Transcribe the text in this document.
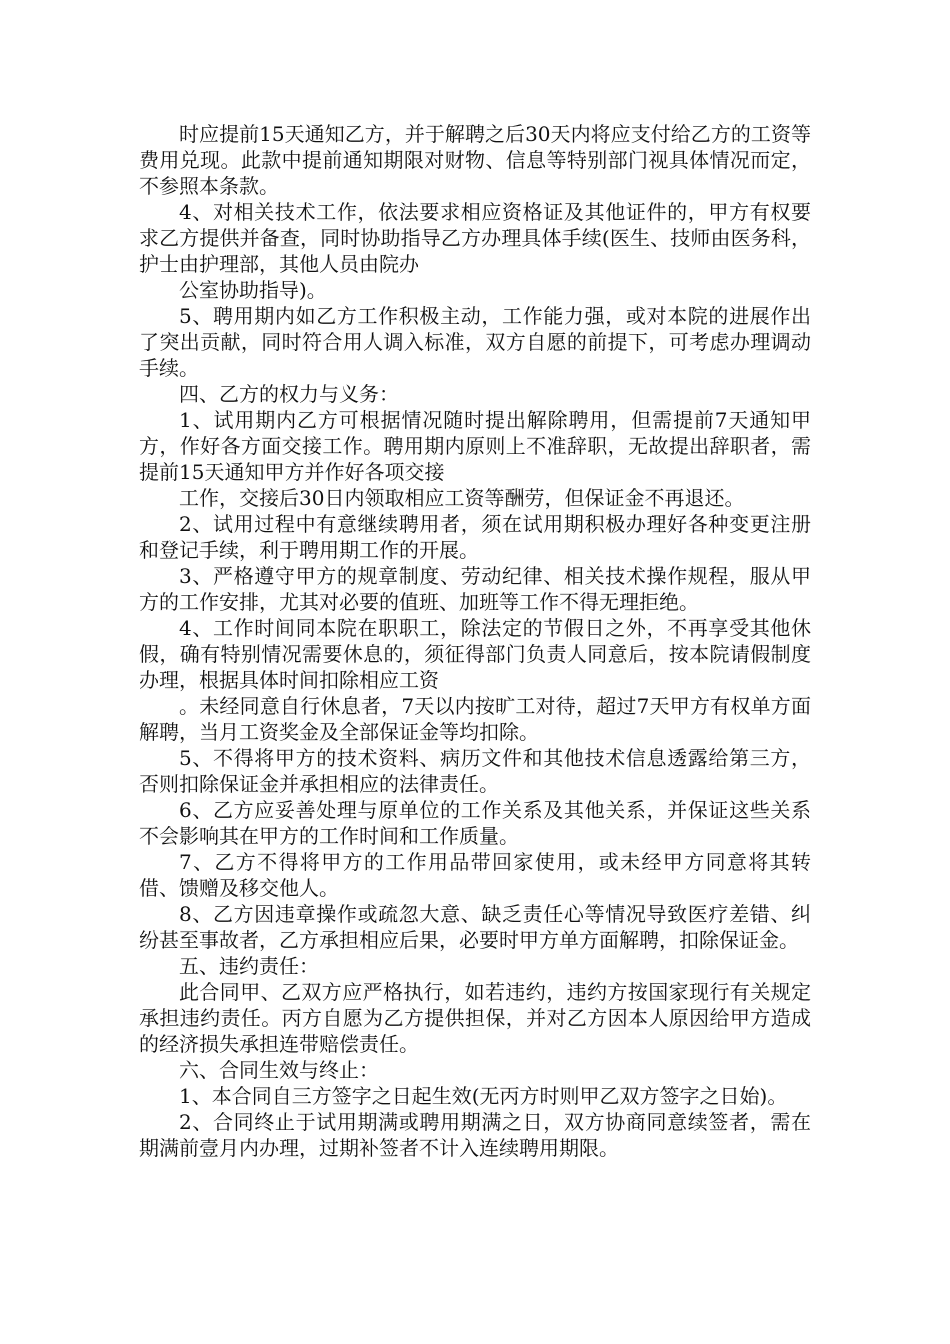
时应提前15天通知乙方，并于解聘之后30天内将应支付给乙方的工资等费用兑现。此款中提前通知期限对财物、信息等特别部门视具体情况而定，不参照本条款。

4、对相关技术工作，依法要求相应资格证及其他证件的，甲方有权要求乙方提供并备查，同时协助指导乙方办理具体手续(医生、技师由医务科，护士由护理部，其他人员由院办

公室协助指导)。

5、聘用期内如乙方工作积极主动，工作能力强，或对本院的进展作出了突出贡献，同时符合用人调入标准，双方自愿的前提下，可考虑办理调动手续。

四、乙方的权力与义务：

1、试用期内乙方可根据情况随时提出解除聘用，但需提前7天通知甲方，作好各方面交接工作。聘用期内原则上不准辞职，无故提出辞职者，需提前15天通知甲方并作好各项交接

工作，交接后30日内领取相应工资等酬劳，但保证金不再退还。

2、试用过程中有意继续聘用者，须在试用期积极办理好各种变更注册和登记手续，利于聘用期工作的开展。

3、严格遵守甲方的规章制度、劳动纪律、相关技术操作规程，服从甲方的工作安排，尤其对必要的值班、加班等工作不得无理拒绝。

4、工作时间同本院在职职工，除法定的节假日之外，不再享受其他休假，确有特别情况需要休息的，须征得部门负责人同意后，按本院请假制度办理，根据具体时间扣除相应工资

。未经同意自行休息者，7天以内按旷工对待，超过7天甲方有权单方面解聘，当月工资奖金及全部保证金等均扣除。

5、不得将甲方的技术资料、病历文件和其他技术信息透露给第三方，否则扣除保证金并承担相应的法律责任。

6、乙方应妥善处理与原单位的工作关系及其他关系，并保证这些关系不会影响其在甲方的工作时间和工作质量。

7、乙方不得将甲方的工作用品带回家使用，或未经甲方同意将其转借、馈赠及移交他人。

8、乙方因违章操作或疏忽大意、缺乏责任心等情况导致医疗差错、纠纷甚至事故者，乙方承担相应后果，必要时甲方单方面解聘，扣除保证金。

五、违约责任：

此合同甲、乙双方应严格执行，如若违约，违约方按国家现行有关规定承担违约责任。丙方自愿为乙方提供担保，并对乙方因本人原因给甲方造成的经济损失承担连带赔偿责任。

六、合同生效与终止：

1、本合同自三方签字之日起生效(无丙方时则甲乙双方签字之日始)。

2、合同终止于试用期满或聘用期满之日，双方协商同意续签者，需在期满前壹月内办理，过期补签者不计入连续聘用期限。
